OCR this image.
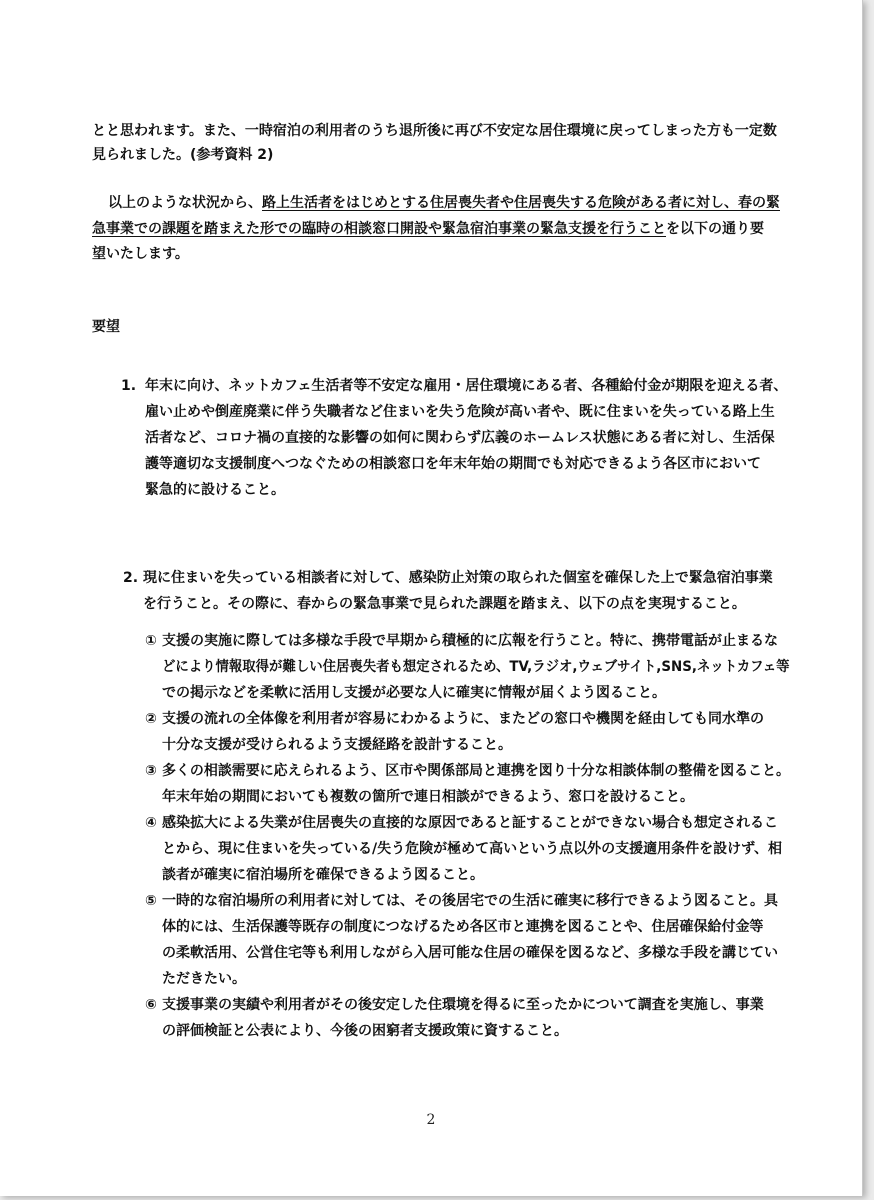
とと思われます。また、一時宿泊の利用者のうち退所後に再び不安定な居住環境に戻ってしまった方も一定数
見られました。(参考資料 2)
以上のような状況から、路上生活者をはじめとする住居喪失者や住居喪失する危険がある者に対し、春の緊
急事業での課題を踏まえた形での臨時の相談窓口開設や緊急宿泊事業の緊急支援を行うことを以下の通り要
望いたします。
要望
1. 年末に向け、ネットカフェ生活者等不安定な雇用・居住環境にある者、各種給付金が期限を迎える者、
雇い止めや倒産廃業に伴う失職者など住まいを失う危険が高い者や、既に住まいを失っている路上生
活者など、コロナ禍の直接的な影響の如何に関わらず広義のホームレス状態にある者に対し、生活保
護等適切な支援制度へつなぐための相談窓口を年末年始の期間でも対応できるよう各区市において
緊急的に設けること。
2. 現に住まいを失っている相談者に対して、感染防止対策の取られた個室を確保した上で緊急宿泊事業
を行うこと。その際に、春からの緊急事業で見られた課題を踏まえ、以下の点を実現すること。
① 支援の実施に際しては多様な手段で早期から積極的に広報を行うこと。特に、携帯電話が止まるな
どにより情報取得が難しい住居喪失者も想定されるため、TV,ラジオ,ウェブサイト,SNS,ネットカフェ等
での掲示などを柔軟に活用し支援が必要な人に確実に情報が届くよう図ること。
② 支援の流れの全体像を利用者が容易にわかるように、またどの窓口や機関を経由しても同水準の
十分な支援が受けられるよう支援経路を設計すること。
③ 多くの相談需要に応えられるよう、区市や関係部局と連携を図り十分な相談体制の整備を図ること。
年末年始の期間においても複数の箇所で連日相談ができるよう、窓口を設けること。
④ 感染拡大による失業が住居喪失の直接的な原因であると証することができない場合も想定されるこ
とから、現に住まいを失っている/失う危険が極めて高いという点以外の支援適用条件を設けず、相
談者が確実に宿泊場所を確保できるよう図ること。
⑤ 一時的な宿泊場所の利用者に対しては、その後居宅での生活に確実に移行できるよう図ること。具
体的には、生活保護等既存の制度につなげるため各区市と連携を図ることや、住居確保給付金等
の柔軟活用、公営住宅等も利用しながら入居可能な住居の確保を図るなど、多様な手段を講じてい
ただきたい。
⑥ 支援事業の実績や利用者がその後安定した住環境を得るに至ったかについて調査を実施し、事業
の評価検証と公表により、今後の困窮者支援政策に資すること。
2
